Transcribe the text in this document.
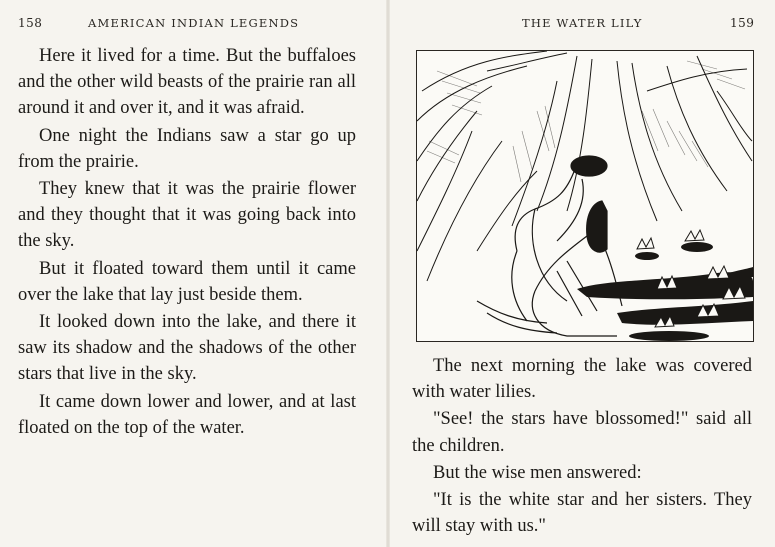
158	AMERICAN INDIAN LEGENDS

Here it lived for a time. But the buffaloes and the other wild beasts of the prairie ran all around it and over it, and it was afraid.

One night the Indians saw a star go up from the prairie.

They knew that it was the prairie flower and they thought that it was going back into the sky.

But it floated toward them until it came over the lake that lay just beside them.

It looked down into the lake, and there it saw its shadow and the shadows of the other stars that live in the sky.

It came down lower and lower, and at last floated on the top of the water.

THE WATER LILY	159

The next morning the lake was covered with water lilies.

"See! the stars have blossomed!" said all the children.

But the wise men answered:

"It is the white star and her sisters. They will stay with us."
